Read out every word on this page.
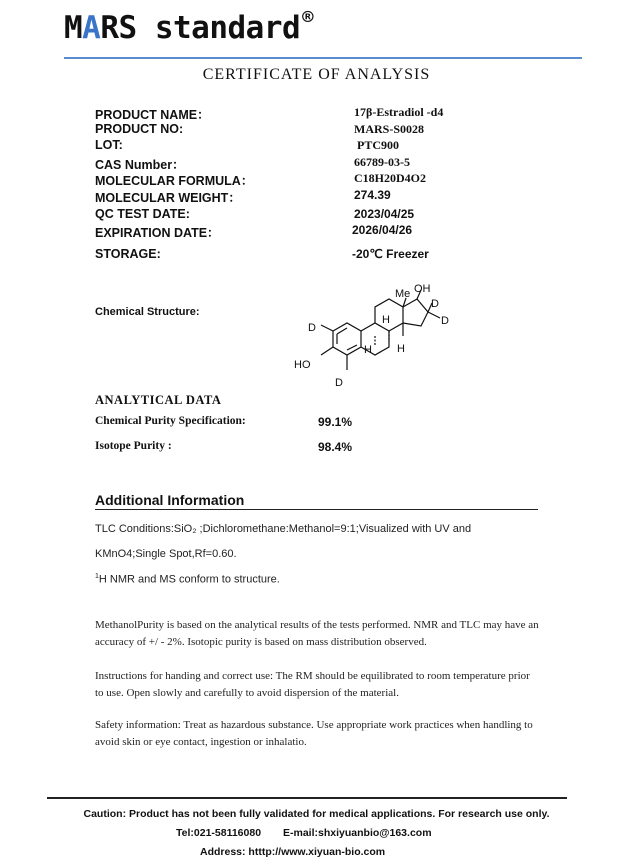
MARS standard ®
CERTIFICATE OF ANALYSIS
PRODUCT NAME：	17β-Estradiol -d4
PRODUCT NO:	MARS-S0028
LOT:	PTC900
CAS Number：	66789-03-5
MOLECULAR FORMULA：	C18H20D4O2
MOLECULAR WEIGHT：	274.39
QC TEST DATE:	2023/04/25
EXPIRATION DATE：	2026/04/26
STORAGE:	-20℃ Freezer
Chemical Structure:
Me OH
D
D
D
H
H H
HO
D
ANALYTICAL DATA
Chemical Purity Specification:	99.1%
Isotope Purity :	98.4%
Additional Information
TLC Conditions:SiO₂ ;Dichloromethane:Methanol=9:1;Visualized with UV and
KMnO4;Single Spot,Rf=0.60.
$^1$H NMR and MS conform to structure.
MethanolPurity is based on the analytical results of the tests performed. NMR and TLC may have an accuracy of +/ - 2%. Isotopic purity is based on mass distribution observed.
Instructions for handing and correct use: The RM should be equilibrated to room temperature prior to use. Open slowly and carefully to avoid dispersion of the material.
Safety information: Treat as hazardous substance. Use appropriate work practices when handling to avoid skin or eye contact, ingestion or inhalatio.
Caution: Product has not been fully validated for medical applications. For research use only.
Tel:021-58116080 E-mail:shxiyuanbio@163.com
Address: htttp://www.xiyuan-bio.com
